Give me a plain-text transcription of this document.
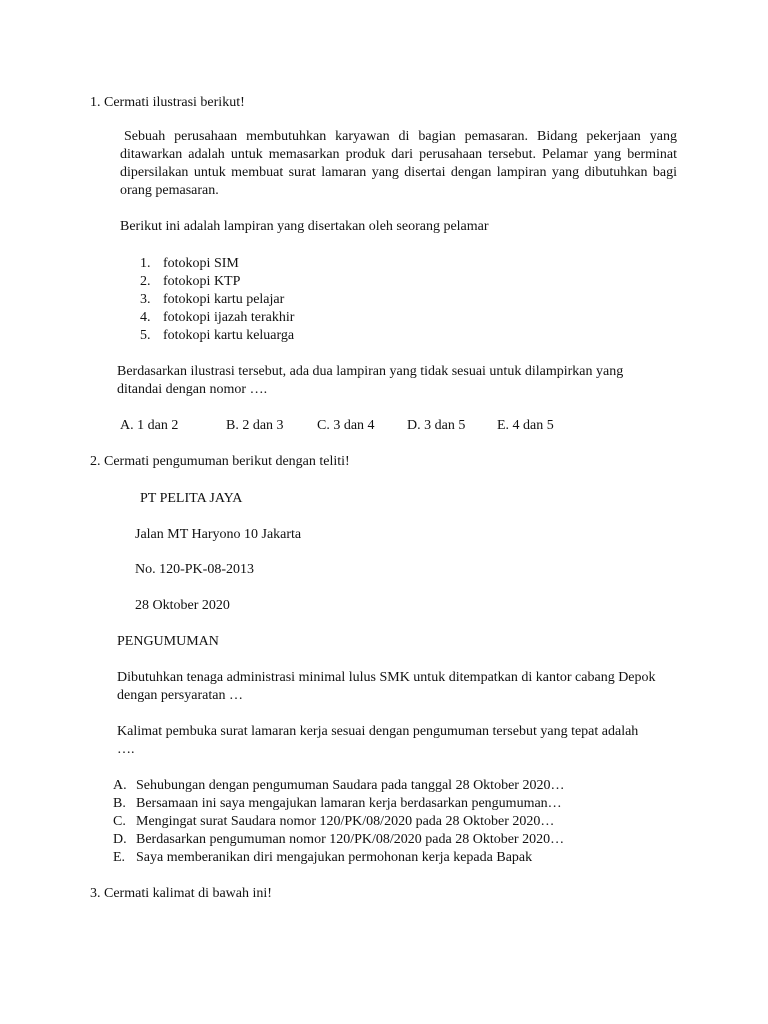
1. Cermati ilustrasi berikut!
Sebuah perusahaan membutuhkan karyawan di bagian pemasaran. Bidang pekerjaan yang ditawarkan adalah untuk memasarkan produk dari perusahaan tersebut. Pelamar yang berminat dipersilakan untuk membuat surat lamaran yang disertai dengan lampiran yang dibutuhkan bagi orang pemasaran.
Berikut ini adalah lampiran yang disertakan oleh seorang pelamar
1. fotokopi SIM
2. fotokopi KTP
3. fotokopi kartu pelajar
4. fotokopi ijazah terakhir
5. fotokopi kartu keluarga
Berdasarkan ilustrasi tersebut, ada dua lampiran yang tidak sesuai untuk dilampirkan yang ditandai dengan nomor ….
A. 1 dan 2	B. 2 dan 3 C. 3 dan 4 D. 3 dan 5 E. 4 dan 5
2. Cermati pengumuman berikut dengan teliti!
PT PELITA JAYA
Jalan MT Haryono 10 Jakarta
No. 120-PK-08-2013
28 Oktober 2020
PENGUMUMAN
Dibutuhkan tenaga administrasi minimal lulus SMK untuk ditempatkan di kantor cabang Depok dengan persyaratan …
Kalimat pembuka surat lamaran kerja sesuai dengan pengumuman tersebut yang tepat adalah ….
A. Sehubungan dengan pengumuman Saudara pada tanggal 28 Oktober 2020…
B. Bersamaan ini saya mengajukan lamaran kerja berdasarkan pengumuman…
C. Mengingat surat Saudara nomor 120/PK/08/2020 pada 28 Oktober 2020…
D. Berdasarkan pengumuman nomor 120/PK/08/2020 pada 28 Oktober 2020…
E. Saya memberanikan diri mengajukan permohonan kerja kepada Bapak
3. Cermati kalimat di bawah ini!
